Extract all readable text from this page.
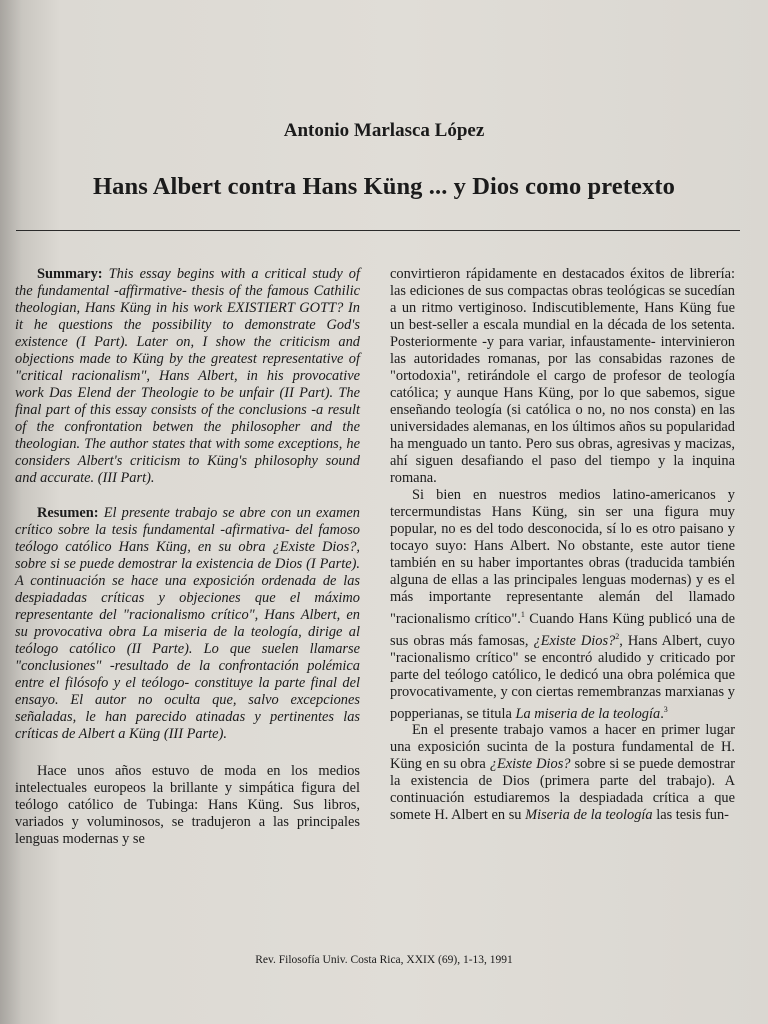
Antonio Marlasca López
Hans Albert contra Hans Küng ... y Dios como pretexto

Summary: This essay begins with a critical study of the fundamental -affirmative- thesis of the famous Cathilic theologian, Hans Küng in his work EXISTIERT GOTT? In it he questions the possibility to demonstrate God's existence (I Part). Later on, I show the criticism and objections made to Küng by the greatest representative of "critical racionalism", Hans Albert, in his provocative work Das Elend der Theologie to be unfair (II Part). The final part of this essay consists of the conclusions -a result of the confrontation betwen the philosopher and the theologian. The author states that with some exceptions, he considers Albert's criticism to Küng's philosophy sound and accurate. (III Part).

Resumen: El presente trabajo se abre con un examen crítico sobre la tesis fundamental -afirmativa- del famoso teólogo católico Hans Küng, en su obra ¿Existe Dios?, sobre si se puede demostrar la existencia de Dios (I Parte). A continuación se hace una exposición ordenada de las despiadadas críticas y objeciones que el máximo representante del "racionalismo crítico", Hans Albert, en su provocativa obra La miseria de la teología, dirige al teólogo católico (II Parte). Lo que suelen llamarse "conclusiones" -resultado de la confrontación polémica entre el filósofo y el teólogo- constituye la parte final del ensayo. El autor no oculta que, salvo excepciones señaladas, le han parecido atinadas y pertinentes las críticas de Albert a Küng (III Parte).

Hace unos años estuvo de moda en los medios intelectuales europeos la brillante y simpática figura del teólogo católico de Tubinga: Hans Küng. Sus libros, variados y voluminosos, se tradujeron a las principales lenguas modernas y se

convirtieron rápidamente en destacados éxitos de librería: las ediciones de sus compactas obras teológicas se sucedían a un ritmo vertiginoso. Indiscutiblemente, Hans Küng fue un best-seller a escala mundial en la década de los setenta. Posteriormente -y para variar, infaustamente- intervinieron las autoridades romanas, por las consabidas razones de "ortodoxia", retirándole el cargo de profesor de teología católica; y aunque Hans Küng, por lo que sabemos, sigue enseñando teología (si católica o no, no nos consta) en las universidades alemanas, en los últimos años su popularidad ha menguado un tanto. Pero sus obras, agresivas y macizas, ahí siguen desafiando el paso del tiempo y la inquina romana.

Si bien en nuestros medios latino-americanos y tercermundistas Hans Küng, sin ser una figura muy popular, no es del todo desconocida, sí lo es otro paisano y tocayo suyo: Hans Albert. No obstante, este autor tiene también en su haber importantes obras (traducida también alguna de ellas a las principales lenguas modernas) y es el más importante representante alemán del llamado "racionalismo crítico".$^1$ Cuando Hans Küng publicó una de sus obras más famosas, ¿Existe Dios?$^2$, Hans Albert, cuyo "racionalismo crítico" se encontró aludido y criticado por parte del teólogo católico, le dedicó una obra polémica que provocativamente, y con ciertas remembranzas marxianas y popperianas, se titula La miseria de la teología.$^3$

En el presente trabajo vamos a hacer en primer lugar una exposición sucinta de la postura fundamental de H. Küng en su obra ¿Existe Dios? sobre si se puede demostrar la existencia de Dios (primera parte del trabajo). A continuación estudiaremos la despiadada crítica a que somete H. Albert en su Miseria de la teología las tesis fun-

Rev. Filosofía Univ. Costa Rica, XXIX (69), 1-13, 1991
